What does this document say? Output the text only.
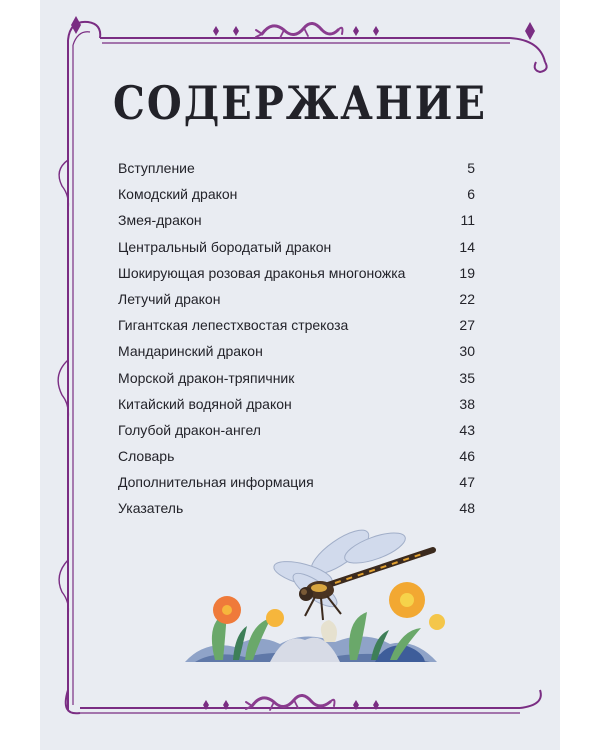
СОДЕРЖАНИЕ
Вступление	5
Комодский дракон	6
Змея-дракон	11
Центральный бородатый дракон	14
Шокирующая розовая драконья многоножка	19
Летучий дракон	22
Гигантская лепестхвостая стрекоза	27
Мандаринский дракон	30
Морской дракон-тряпичник	35
Китайский водяной дракон	38
Голубой дракон-ангел	43
Словарь	46
Дополнительная информация	47
Указатель	48
